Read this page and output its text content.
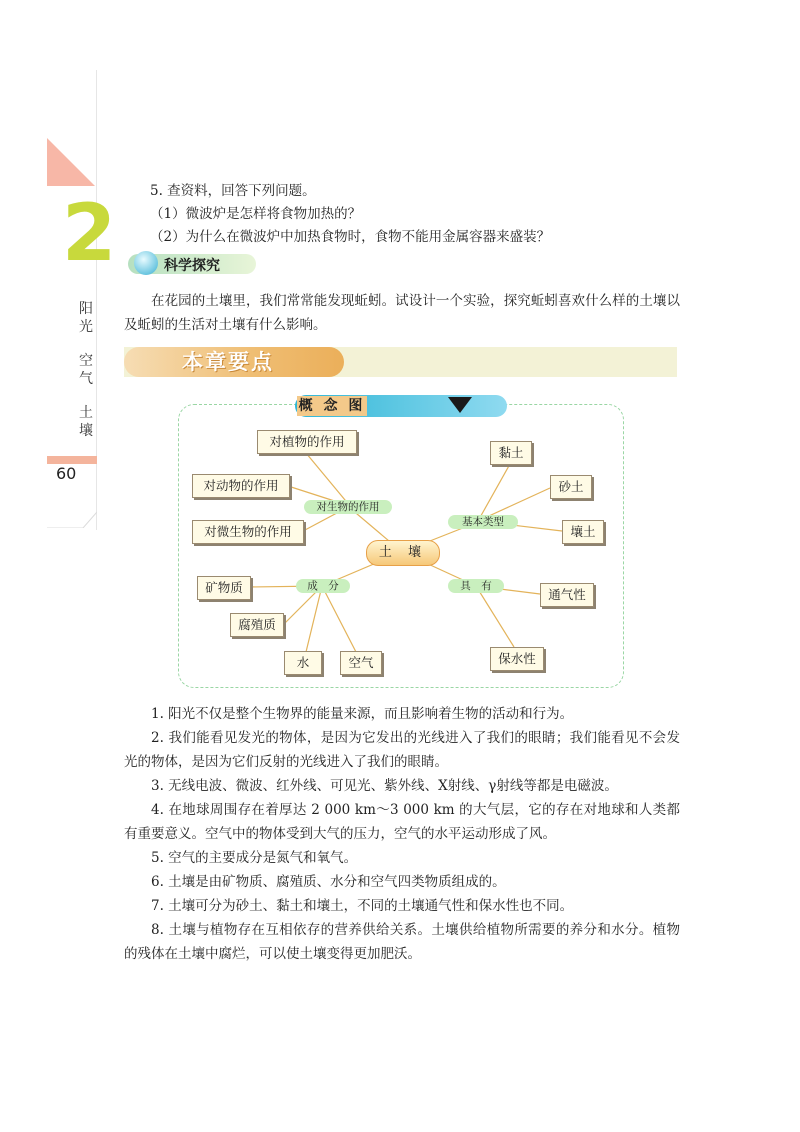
2
阳光
空气
土壤
60
5. 查资料，回答下列问题。
（1）微波炉是怎样将食物加热的？
（2）为什么在微波炉中加热食物时，食物不能用金属容器来盛装？
科学探究
在花园的土壤里，我们常常能发现蚯蚓。试设计一个实验，探究蚯蚓喜欢什么样的土壤以及蚯蚓的生活对土壤有什么影响。
本章要点
概 念 图
土 壤
对生物的作用
基本类型
成　分	具　有
对植物的作用
对动物的作用
对微生物的作用
黏土
砂土
壤土
矿物质
腐殖质
水	空气
通气性
保水性

1. 阳光不仅是整个生物界的能量来源，而且影响着生物的活动和行为。

2. 我们能看见发光的物体，是因为它发出的光线进入了我们的眼睛；我们能看见不会发光的物体，是因为它们反射的光线进入了我们的眼睛。

3. 无线电波、微波、红外线、可见光、紫外线、X射线、γ射线等都是电磁波。

4. 在地球周围存在着厚达 2 000 km～3 000 km 的大气层，它的存在对地球和人类都有重要意义。空气中的物体受到大气的压力，空气的水平运动形成了风。

5. 空气的主要成分是氮气和氧气。

6. 土壤是由矿物质、腐殖质、水分和空气四类物质组成的。

7. 土壤可分为砂土、黏土和壤土，不同的土壤通气性和保水性也不同。

8. 土壤与植物存在互相依存的营养供给关系。土壤供给植物所需要的养分和水分。植物的残体在土壤中腐烂，可以使土壤变得更加肥沃。
